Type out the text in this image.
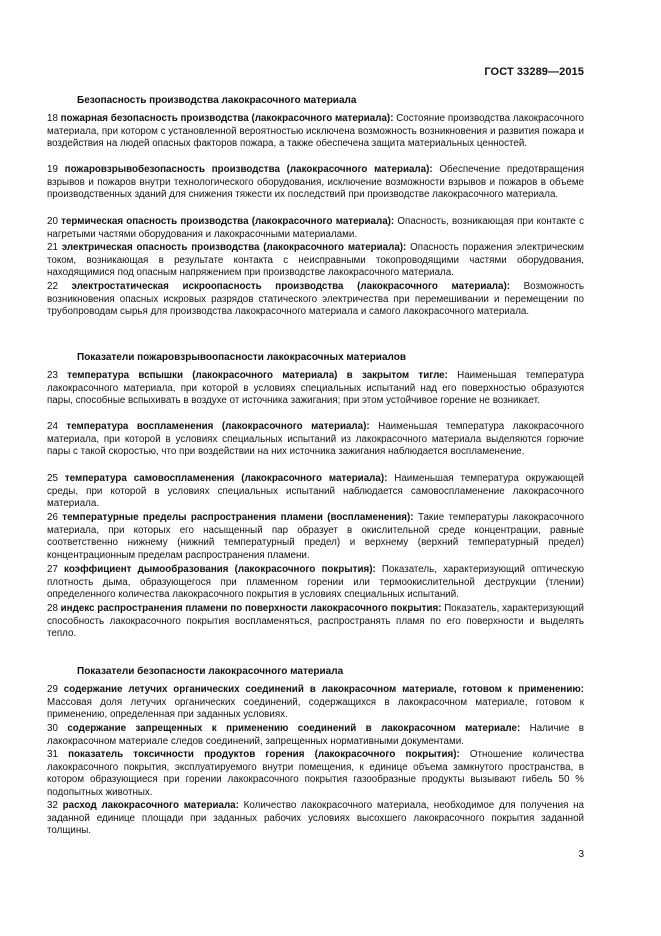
ГОСТ 33289—2015
Безопасность производства лакокрасочного материала
18 пожарная безопасность производства (лакокрасочного материала): Состояние производства лакокрасочного материала, при котором с установленной вероятностью исключена возможность возникновения и развития пожара и воздействия на людей опасных факторов пожара, а также обеспечена защита материальных ценностей.
19 пожаровзрывобезопасность производства (лакокрасочного материала): Обеспечение предотвращения взрывов и пожаров внутри технологического оборудования, исключение возможности взрывов и пожаров в объеме производственных зданий для снижения тяжести их последствий при производстве лакокрасочного материала.
20 термическая опасность производства (лакокрасочного материала): Опасность, возникающая при контакте с нагретыми частями оборудования и лакокрасочными материалами.
21 электрическая опасность производства (лакокрасочного материала): Опасность поражения электрическим током, возникающая в результате контакта с неисправными токопроводящими частями оборудования, находящимися под опасным напряжением при производстве лакокрасочного материала.
22 электростатическая искроопасность производства (лакокрасочного материала): Возможность возникновения опасных искровых разрядов статического электричества при перемешивании и перемещении по трубопроводам сырья для производства лакокрасочного материала и самого лакокрасочного материала.
Показатели пожаровзрывоопасности лакокрасочных материалов
23 температура вспышки (лакокрасочного материала) в закрытом тигле: Наименьшая температура лакокрасочного материала, при которой в условиях специальных испытаний над его поверхностью образуются пары, способные вспыхивать в воздухе от источника зажигания; при этом устойчивое горение не возникает.
24 температура воспламенения (лакокрасочного материала): Наименьшая температура лакокрасочного материала, при которой в условиях специальных испытаний из лакокрасочного материала выделяются горючие пары с такой скоростью, что при воздействии на них источника зажигания наблюдается воспламенение.
25 температура самовоспламенения (лакокрасочного материала): Наименьшая температура окружающей среды, при которой в условиях специальных испытаний наблюдается самовоспламенение лакокрасочного материала.
26 температурные пределы распространения пламени (воспламенения): Такие температуры лакокрасочного материала, при которых его насыщенный пар образует в окислительной среде концентрации, равные соответственно нижнему (нижний температурный предел) и верхнему (верхний температурный предел) концентрационным пределам распространения пламени.
27 коэффициент дымообразования (лакокрасочного покрытия): Показатель, характеризующий оптическую плотность дыма, образующегося при пламенном горении или термоокислительной деструкции (тлении) определенного количества лакокрасочного покрытия в условиях специальных испытаний.
28 индекс распространения пламени по поверхности лакокрасочного покрытия: Показатель, характеризующий способность лакокрасочного покрытия воспламеняться, распространять пламя по его поверхности и выделять тепло.
Показатели безопасности лакокрасочного материала
29 содержание летучих органических соединений в лакокрасочном материале, готовом к применению: Массовая доля летучих органических соединений, содержащихся в лакокрасочном материале, готовом к применению, определенная при заданных условиях.
30 содержание запрещенных к применению соединений в лакокрасочном материале: Наличие в лакокрасочном материале следов соединений, запрещенных нормативными документами.
31 показатель токсичности продуктов горения (лакокрасочного покрытия): Отношение количества лакокрасочного покрытия, эксплуатируемого внутри помещения, к единице объема замкнутого пространства, в котором образующиеся при горении лакокрасочного покрытия газообразные продукты вызывают гибель 50 % подопытных животных.
32 расход лакокрасочного материала: Количество лакокрасочного материала, необходимое для получения на заданной единице площади при заданных рабочих условиях высохшего лакокрасочного покрытия заданной толщины.
3
